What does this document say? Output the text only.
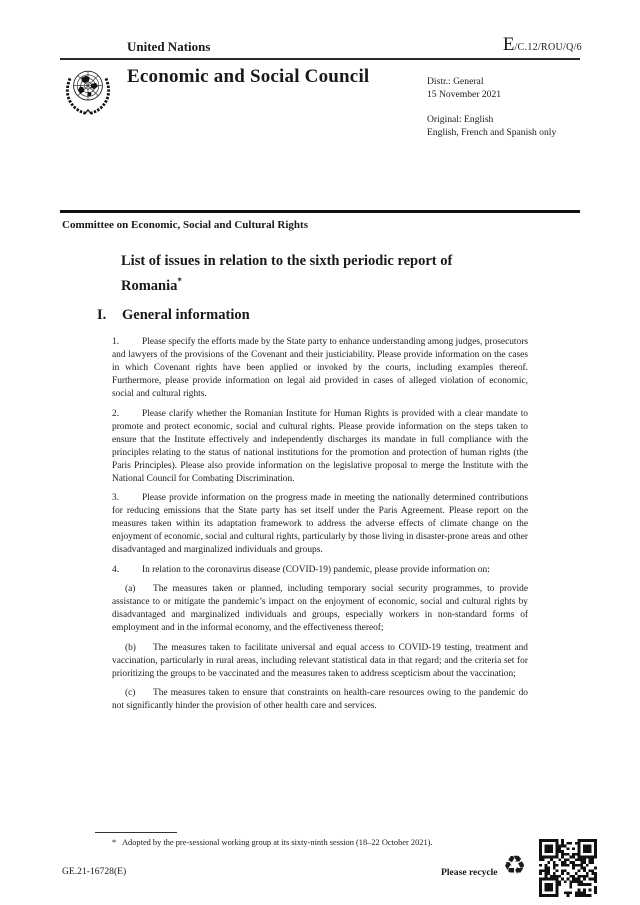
United Nations	E/C.12/ROU/Q/6
Economic and Social Council	Distr.: General
15 November 2021
Original: English
English, French and Spanish only
Committee on Economic, Social and Cultural Rights
List of issues in relation to the sixth periodic report of Romania*
I. General information

1. Please specify the efforts made by the State party to enhance understanding among judges, prosecutors and lawyers of the provisions of the Covenant and their justiciability. Please provide information on the cases in which Covenant rights have been applied or invoked by the courts, including examples thereof. Furthermore, please provide information on legal aid provided in cases of alleged violation of economic, social and cultural rights.

2. Please clarify whether the Romanian Institute for Human Rights is provided with a clear mandate to promote and protect economic, social and cultural rights. Please provide information on the steps taken to ensure that the Institute effectively and independently discharges its mandate in full compliance with the principles relating to the status of national institutions for the promotion and protection of human rights (the Paris Principles). Please also provide information on the legislative proposal to merge the Institute with the National Council for Combating Discrimination.

3. Please provide information on the progress made in meeting the nationally determined contributions for reducing emissions that the State party has set itself under the Paris Agreement. Please report on the measures taken within its adaptation framework to address the adverse effects of climate change on the enjoyment of economic, social and cultural rights, particularly by those living in disaster-prone areas and other disadvantaged and marginalized individuals and groups.

4. In relation to the coronavirus disease (COVID-19) pandemic, please provide information on:

(a) The measures taken or planned, including temporary social security programmes, to provide assistance to or mitigate the pandemic’s impact on the enjoyment of economic, social and cultural rights by disadvantaged and marginalized individuals and groups, especially workers in non-standard forms of employment and in the informal economy, and the effectiveness thereof;

(b) The measures taken to facilitate universal and equal access to COVID-19 testing, treatment and vaccination, particularly in rural areas, including relevant statistical data in that regard; and the criteria set for prioritizing the groups to be vaccinated and the measures taken to address scepticism about the vaccination;

(c) The measures taken to ensure that constraints on health-care resources owing to the pandemic do not significantly hinder the provision of other health care and services.

* Adopted by the pre-sessional working group at its sixty-ninth session (18–22 October 2021).
GE.21-16728(E)	Please recycle ♻
